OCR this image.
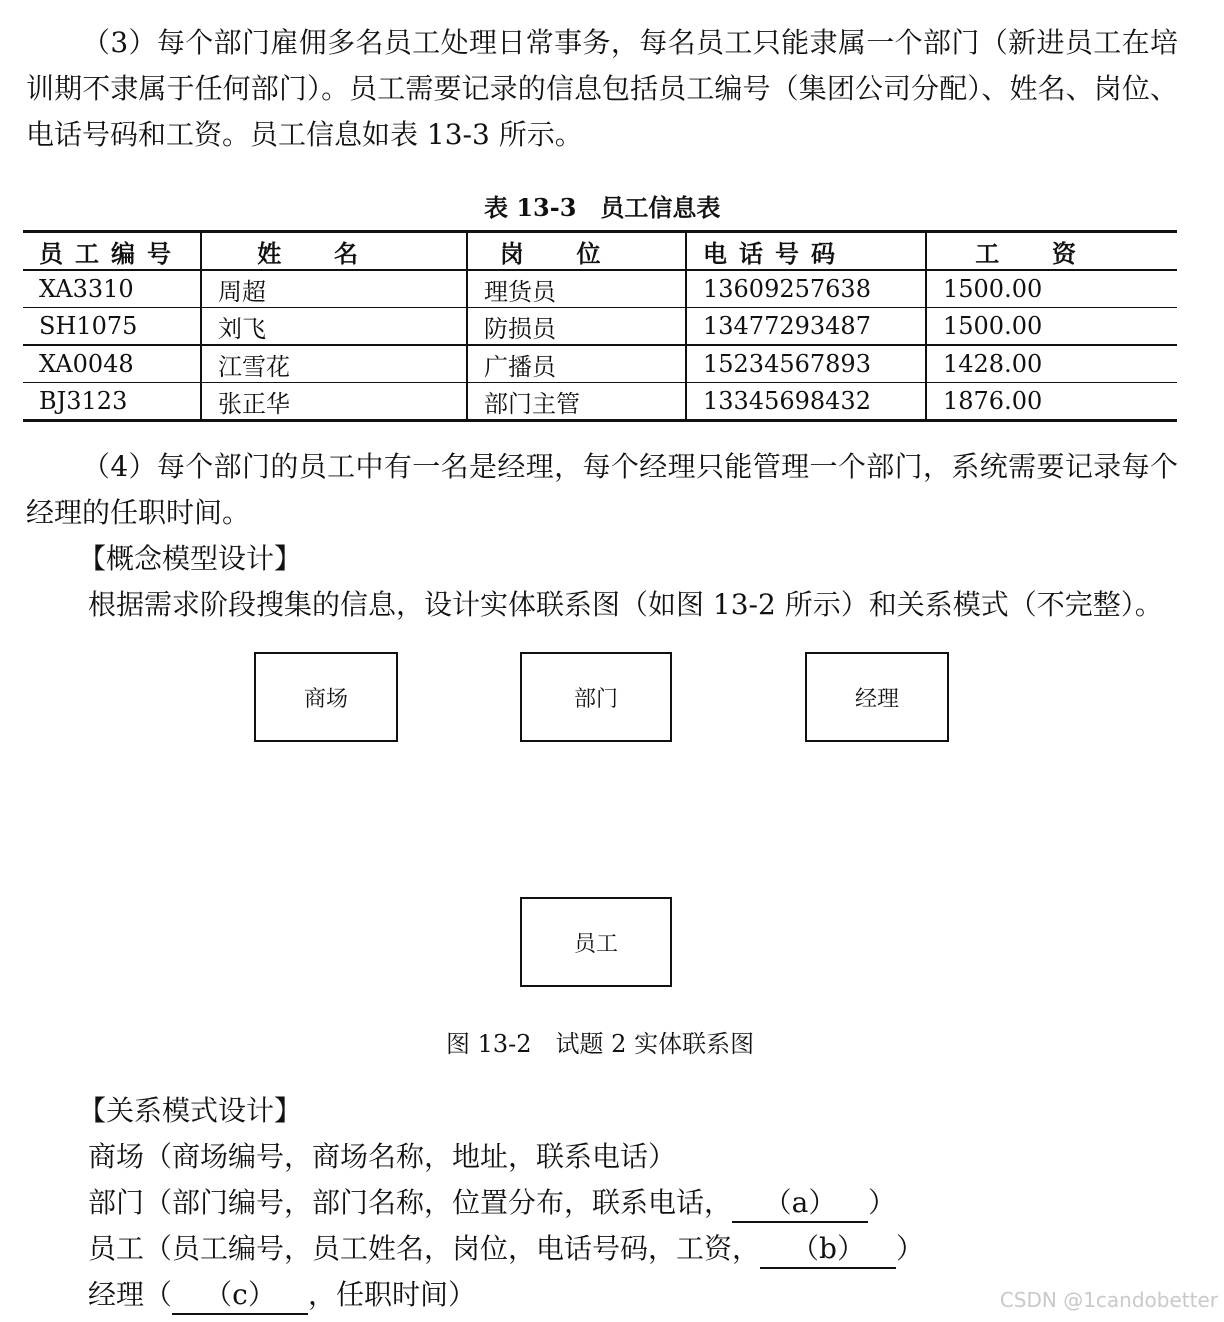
（3）每个部门雇佣多名员工处理日常事务，每名员工只能隶属一个部门（新进员工在培训期不隶属于任何部门）。员工需要记录的信息包括员工编号（集团公司分配）、姓名、岗位、电话号码和工资。员工信息如表 13-3 所示。
表 13-3　员工信息表
员工编号	姓名	岗位	电话号码	工资
XA3310	周超	理货员	13609257638	1500.00
SH1075	刘飞	防损员	13477293487	1500.00
XA0048	江雪花	广播员	15234567893	1428.00
BJ3123	张正华	部门主管	13345698432	1876.00
（4）每个部门的员工中有一名是经理，每个经理只能管理一个部门，系统需要记录每个经理的任职时间。
【概念模型设计】
根据需求阶段搜集的信息，设计实体联系图（如图 13-2 所示）和关系模式（不完整）。
商场	部门	经理
员工
图 13-2　试题 2 实体联系图
【关系模式设计】
商场（商场编号，商场名称，地址，联系电话）
部门（部门编号，部门名称，位置分布，联系电话， （a） ）
员工（员工编号，员工姓名，岗位，电话号码，工资， （b） ）
经理（ （c） ，任职时间）	CSDN @1candobetter
